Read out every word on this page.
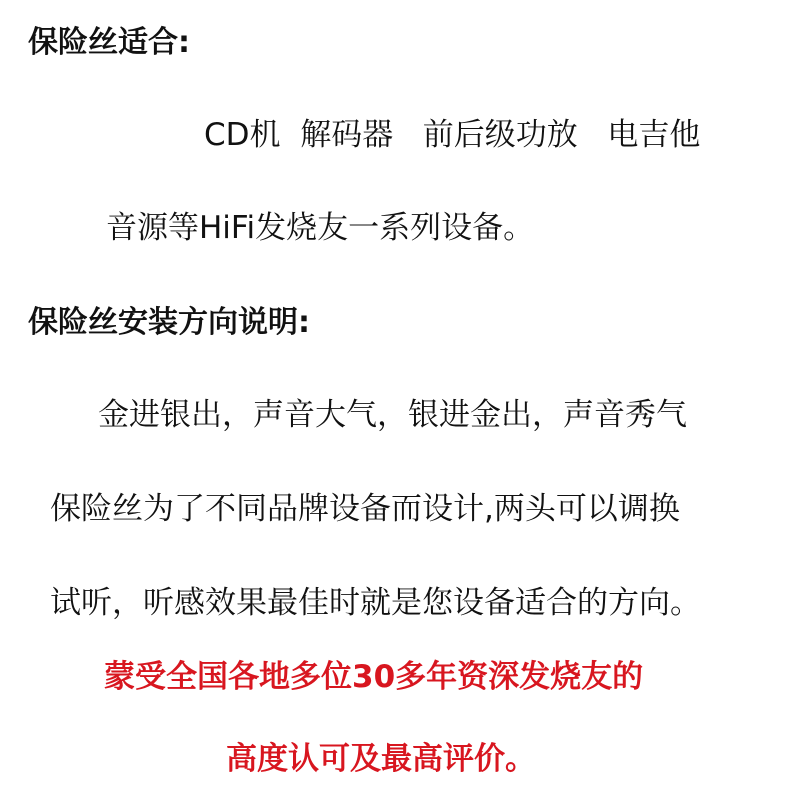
保险丝适合:
CD机  解码器   前后级功放   电吉他
音源等HiFi发烧友一系列设备。
保险丝安装方向说明:
金进银出，声音大气，银进金出，声音秀气
保险丝为了不同品牌设备而设计,两头可以调换
试听，听感效果最佳时就是您设备适合的方向。
蒙受全国各地多位30多年资深发烧友的
高度认可及最高评价。
